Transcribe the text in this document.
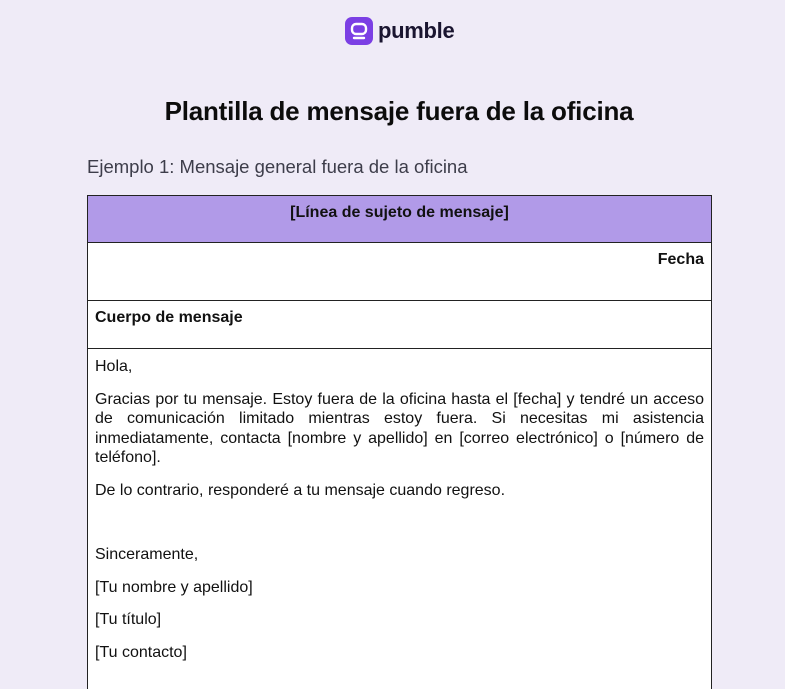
pumble
Plantilla de mensaje fuera de la oficina
Ejemplo 1: Mensaje general fuera de la oficina
[Línea de sujeto de mensaje]
Fecha
Cuerpo de mensaje

Hola,

Gracias por tu mensaje. Estoy fuera de la oficina hasta el [fecha] y tendré un acceso de comunicación limitado mientras estoy fuera. Si necesitas mi asistencia inmediatamente, contacta [nombre y apellido] en [correo electrónico] o [número de teléfono].

De lo contrario, responderé a tu mensaje cuando regreso.

Sinceramente,

[Tu nombre y apellido]

[Tu título]

[Tu contacto]
